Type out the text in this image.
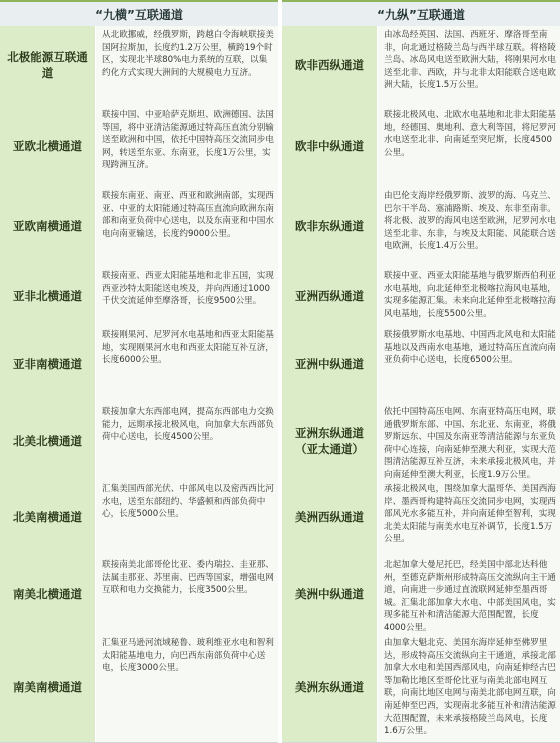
“九横”互联通道
北极能源互联通道
从北欧挪威，经俄罗斯，跨越白令海峡联接美国阿拉斯加，长度约1.2万公里，横跨19个时区，实现北半球80%电力系统的互联，以集约化方式实现大洲间的大规模电力互济。
亚欧北横通道
联接中国、中亚哈萨克斯坦、欧洲德国、法国等国，将中亚清洁能源通过特高压直流分别输送至欧洲和中国，依托中国特高压交流同步电网，转送至东亚、东南亚，长度1万公里，实现跨洲互济。
亚欧南横通道
联接东南亚、南亚、西亚和欧洲南部，实现西亚、中亚的太阳能通过特高压直流向欧洲东南部和南亚负荷中心送电，以及东南亚和中国水电向南亚输送，长度约9000公里。
亚非北横通道
联接南亚、西亚太阳能基地和北非五国，实现西亚沙特太阳能送电埃及，并向西通过1000千伏交流延伸至摩洛哥，长度9500公里。
亚非南横通道
联接刚果河、尼罗河水电基地和西亚太阳能基地，实现刚果河水电和西亚太阳能互补互济，长度6000公里。
北美北横通道
联接加拿大东西部电网，提高东西部电力交换能力，远期承接北极风电，向加拿大东西部负荷中心送电，长度4500公里。
北美南横通道
汇集美国西部光伏、中部风电以及密西西比河水电，送至东部纽约、华盛顿和西部负荷中心，长度5000公里。
南美北横通道
联接南美北部哥伦比亚、委内瑞拉、圭亚那、法属圭那亚、苏里南、巴西等国家，增强电网互联和电力交换能力，长度3500公里。
南美南横通道
汇集亚马逊河流域秘鲁、玻利维亚水电和智利太阳能基地电力，向巴西东南部负荷中心送电，长度3000公里。
“九纵”互联通道
欧非西纵通道
由冰岛经英国、法国、西班牙、摩洛哥至南非，向北通过格陵兰岛与西半球互联。将格陵兰岛、冰岛风电送至欧洲大陆，将刚果河水电送至北非、西欧，并与北非太阳能联合送电欧洲大陆，长度1.5万公里。
欧非中纵通道
联接北极风电、北欧水电基地和北非太阳能基地，经德国、奥地利、意大利等国，将尼罗河水电送至北非、向南延至突尼斯，长度4500公里。
欧非东纵通道
由巴伦支海岸经俄罗斯、波罗的海、乌克兰、巴尔干半岛、塞浦路斯、埃及、东非至南非。将北极、波罗的海风电送至欧洲，尼罗河水电送至北非、东非，与埃及太阳能、风能联合送电欧洲，长度1.4万公里。
亚洲西纵通道
联接中亚、西亚太阳能基地与俄罗斯西伯利亚水电基地，向北延伸至北极喀拉海风电基地，实现多能源汇集。未来向北延伸至北极喀拉海风电基地，长度5500公里。
亚洲中纵通道
联接俄罗斯水电基地、中国西北风电和太阳能基地以及西南水电基地，通过特高压直流向南亚负荷中心送电，长度6500公里。
亚洲东纵通道（亚太通道）
依托中国特高压电网、东南亚特高压电网，联通俄罗斯东部、中国、东北亚、东南亚，将俄罗斯远东、中国及东南亚等清洁能源与东亚负荷中心连接，向南延伸至澳大利亚，实现大范围清洁能源互补互济，未来承接北极风电，并向南延伸至澳大利亚，长度1.9万公里。
美洲西纵通道
承接北极风电，围绕加拿大温哥华、美国西海岸、墨西哥构建特高压交流同步电网，实现西部风光水多能互补，并向南延伸至智利，实现北美太阳能与南美水电互补调节，长度1.5万公里。
美洲中纵通道
北起加拿大曼尼托巴，经美国中部北达科他州，至德克萨斯州形成特高压交流纵向主干通道，向南进一步通过直流联网延伸至墨西哥城。汇集北部加拿大水电、中部美国风电，实现多能互补和清洁能源大范围配置，长度4000公里。
美洲东纵通道
由加拿大魁北克、美国东海岸延伸至佛罗里达，形成特高压交流纵向主干通道，承接北部加拿大水电和美国西部风电，向南延伸经古巴等加勒比地区至哥伦比亚与南美北部电网互联，向南比地区电网与南美北部电网互联，向南延伸至巴西，实现南北多能互补和清洁能源大范围配置，未来承接格陵兰岛风电，长度1.6万公里。
